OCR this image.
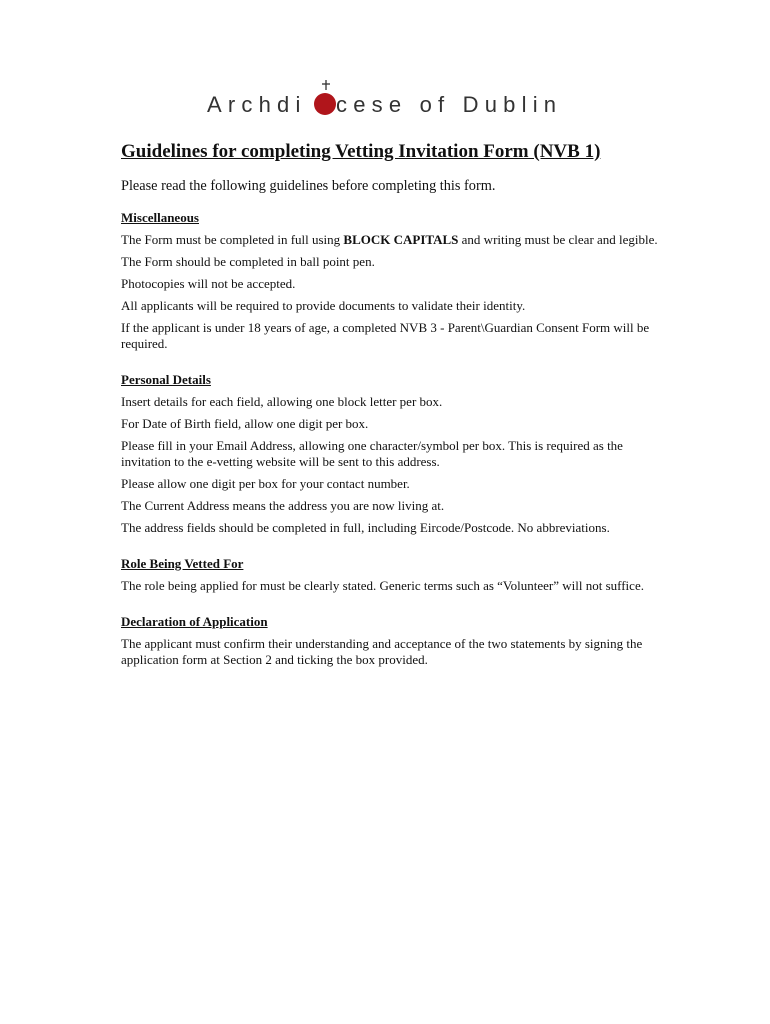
Archdi cese of Dublin
Guidelines for completing Vetting Invitation Form (NVB 1)

Please read the following guidelines before completing this form.

Miscellaneous

The Form must be completed in full using BLOCK CAPITALS and writing must be clear and legible.

The Form should be completed in ball point pen.

Photocopies will not be accepted.

All applicants will be required to provide documents to validate their identity.

If the applicant is under 18 years of age, a completed NVB 3 - Parent\Guardian Consent Form will be required.

Personal Details

Insert details for each field, allowing one block letter per box.

For Date of Birth field, allow one digit per box.

Please fill in your Email Address, allowing one character/symbol per box. This is required as the invitation to the e-vetting website will be sent to this address.

Please allow one digit per box for your contact number.

The Current Address means the address you are now living at.

The address fields should be completed in full, including Eircode/Postcode. No abbreviations.

Role Being Vetted For

The role being applied for must be clearly stated. Generic terms such as “Volunteer” will not suffice.

Declaration of Application

The applicant must confirm their understanding and acceptance of the two statements by signing the application form at Section 2 and ticking the box provided.
